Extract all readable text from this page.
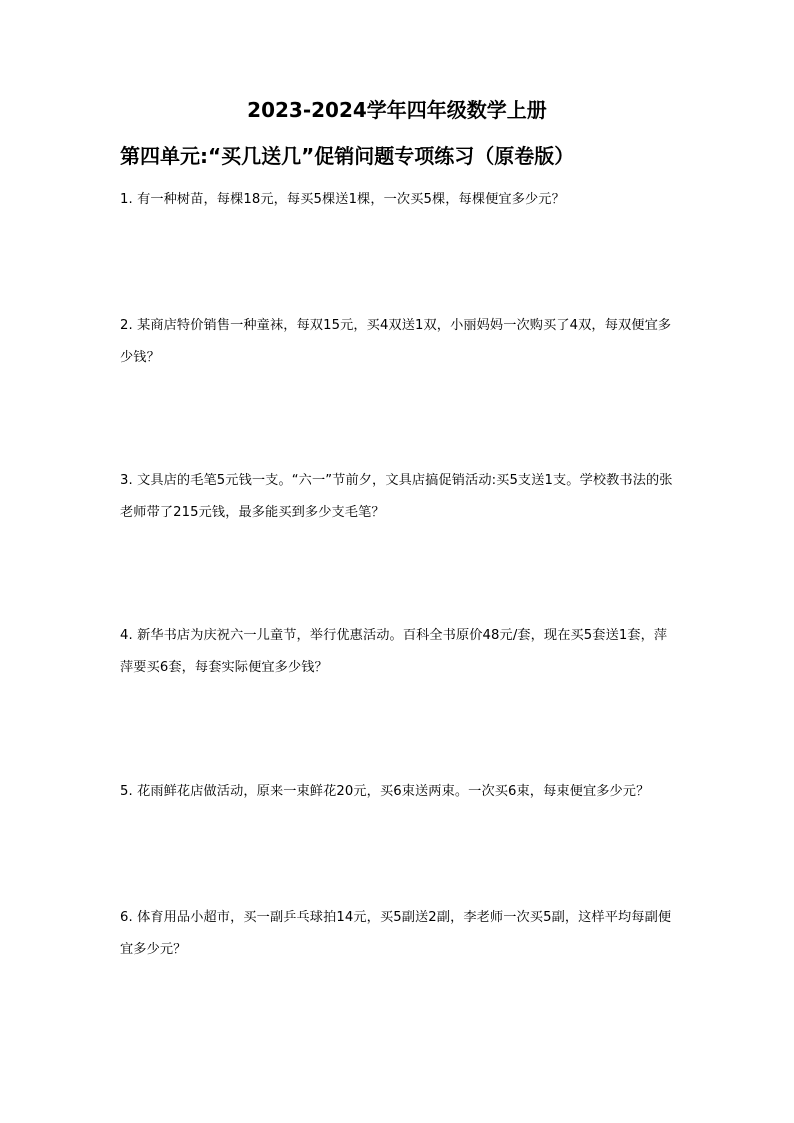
2023-2024学年四年级数学上册
第四单元:“买几送几”促销问题专项练习（原卷版）
1. 有一种树苗，每棵18元，每买5棵送1棵，一次买5棵，每棵便宜多少元？
2. 某商店特价销售一种童袜，每双15元，买4双送1双，小丽妈妈一次购买了4双，每双便宜多少钱？
3. 文具店的毛笔5元钱一支。“六一”节前夕，文具店搞促销活动:买5支送1支。学校教书法的张老师带了215元钱，最多能买到多少支毛笔？
4. 新华书店为庆祝六一儿童节，举行优惠活动。百科全书原价48元/套，现在买5套送1套，萍萍要买6套，每套实际便宜多少钱？
5. 花雨鲜花店做活动，原来一束鲜花20元，买6束送两束。一次买6束，每束便宜多少元？
6. 体育用品小超市，买一副乒乓球拍14元，买5副送2副，李老师一次买5副，这样平均每副便宜多少元？
